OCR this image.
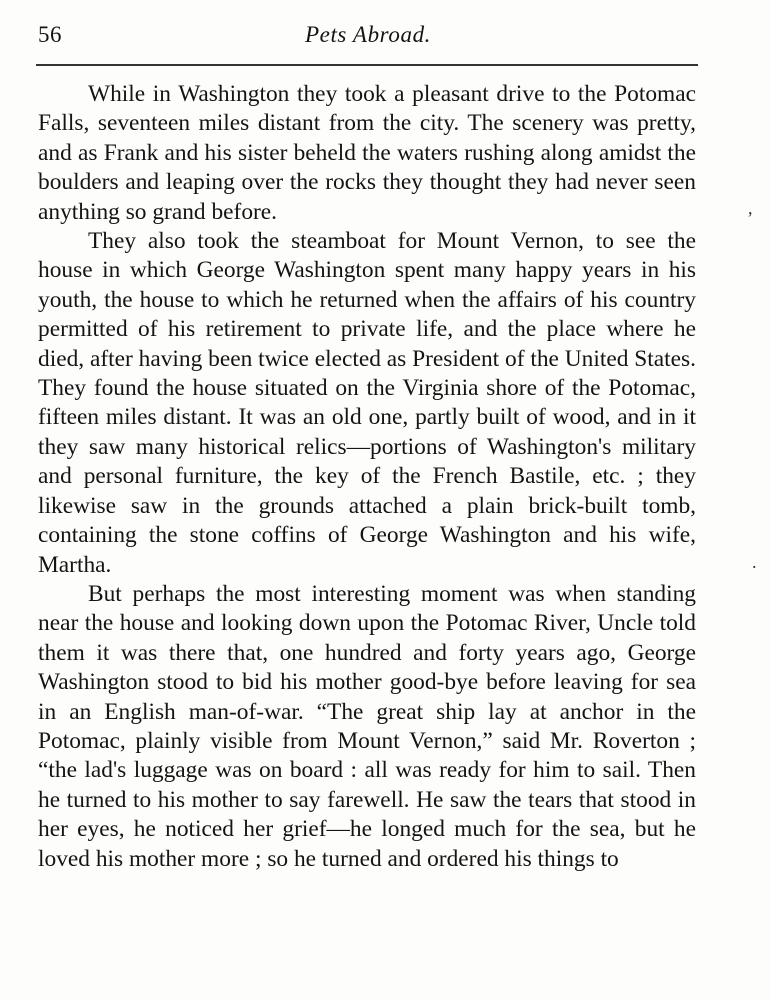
56	Pets Abroad.

While in Washington they took a pleasant drive to the Potomac Falls, seventeen miles distant from the city. The scenery was pretty, and as Frank and his sister beheld the waters rushing along amidst the boulders and leaping over the rocks they thought they had never seen anything so grand before.

They also took the steamboat for Mount Vernon, to see the house in which George Washington spent many happy years in his youth, the house to which he returned when the affairs of his country permitted of his retirement to private life, and the place where he died, after having been twice elected as President of the United States. They found the house situated on the Virginia shore of the Potomac, fifteen miles distant. It was an old one, partly built of wood, and in it they saw many historical relics—portions of Washington's military and personal furniture, the key of the French Bastile, etc. ; they likewise saw in the grounds attached a plain brick-built tomb, containing the stone coffins of George Washington and his wife, Martha.

But perhaps the most interesting moment was when standing near the house and looking down upon the Potomac River, Uncle told them it was there that, one hundred and forty years ago, George Washington stood to bid his mother good-bye before leaving for sea in an English man-of-war. “The great ship lay at anchor in the Potomac, plainly visible from Mount Vernon,” said Mr. Roverton ; “the lad's luggage was on board : all was ready for him to sail. Then he turned to his mother to say farewell. He saw the tears that stood in her eyes, he noticed her grief—he longed much for the sea, but he loved his mother more ; so he turned and ordered his things to

,
.
